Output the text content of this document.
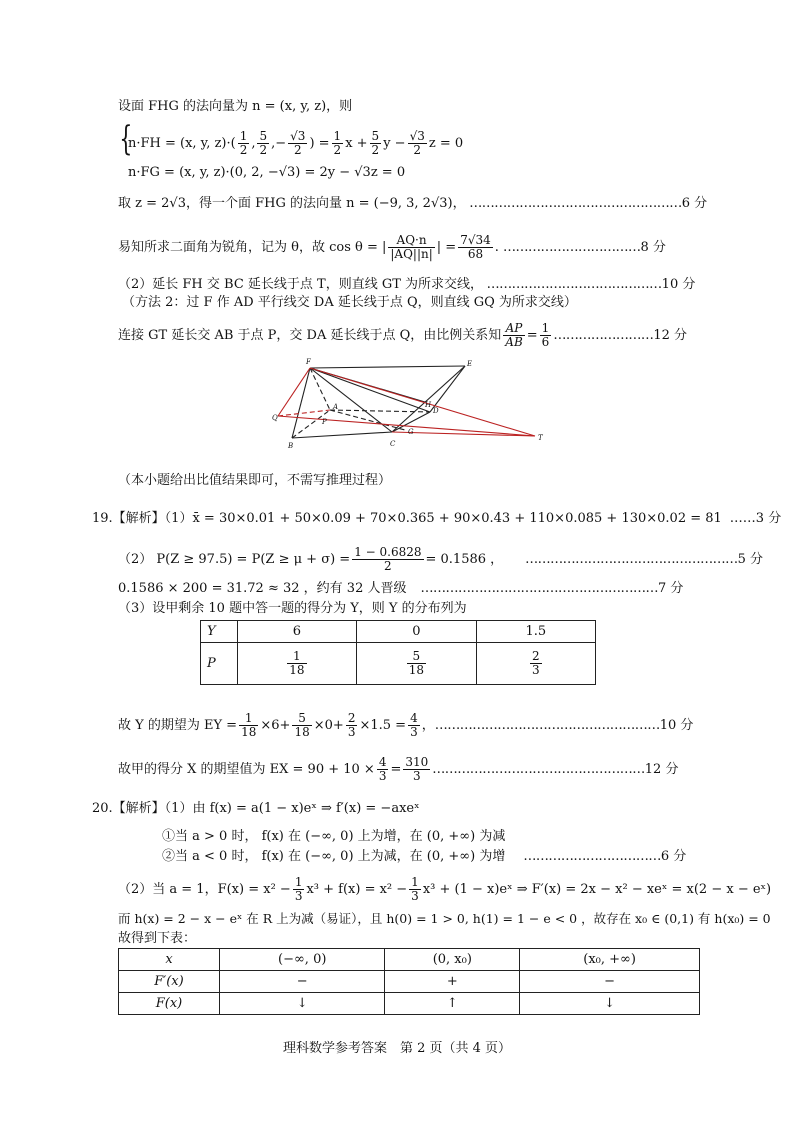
设面 FHG 的法向量为 n = (x, y, z)，则
{
n·FH = (x, y, $z)\cdot( \frac{1}{2}$ , $\frac{5}{2}$ ,− $\frac{√3}{2}$ ) = $\frac{1}{2}$ $x + \frac{5}{2}$ $y - \frac{√3}{2}$ z = 0
n·FG = (x, y, z)·(0, 2, −√3) = 2y − √3z = 0
取 z = 2√3，得一个面 FHG 的法向量 n = (−9, 3, 2√3)， ……………………………………………6 分
易知所求二面角为锐角，记为 θ，故 cos θ = | $\frac{AQ\cdot n}{|AQ||n|}$ | = $\frac{7√34}{68}$ . ……………………………8 分
（2）延长 FH 交 BC 延长线于点 T，则直线 GT 为所求交线， ……………………………………10 分
（方法 2：过 F 作 AD 平行线交 DA 延长线于点 Q，则直线 GQ 为所求交线）
连接 GT 延长交 AB 于点 P，交 DA 延长线于点 Q，由比例关系知 $\frac{AP}{AB} = \frac{1}{6}$ ……………………12 分
F	E
Q
A
P
H
D
G
B	C
T
（本小题给出比值结果即可，不需写推理过程）
19.【解析】（1）x̄ = 30×0.01 + 50×0.09 + 70×0.365 + 90×0.43 + 110×0.085 + 130×0.02 = 81 ……3 分
（2） $P(Z \ge 97.5) = P(Z \ge \mu + \sigma) = \frac{1 - 0.6828}{2} = 0.1586$ ， ……………………………………………5 分
0.1586 × 200 = 31.72 ≈ 32 ，约有 32 人晋级 …………………………………………………7 分
（3）设甲剩余 10 题中答一题的得分为 Y，则 Y 的分布列为
Y	6	0	1.5
P	$\frac{1}{18}$	$\frac{5}{18}$	$\frac{2}{3}$
故 Y 的期望为 EY = $\frac{1}{18} \times 6+ \frac{5}{18} \times 0+ \frac{2}{3} \times 1.5 = \frac{4}{3}$ ，………………………………………………10 分
故甲的得分 X 的期望值为 EX = $90 + 10 \times \frac{4}{3} = \frac{310}{3}$ ……………………………………………12 分
20.【解析】（1）由 f(x) = a(1 − x)eˣ ⇒ f′(x) = −axeˣ
①当 a > 0 时， f(x) 在 (−∞, 0) 上为增，在 (0, +∞) 为减
②当 a < 0 时， f(x) 在 (−∞, 0) 上为减，在 (0, +∞) 为增 ……………………………6 分
（2）当 a = 1，$F(x) = x^2 - \frac{1}{3} x^3 + f(x) = x^2 - \frac{1}{3} x^3 + (1$ − x)eˣ ⇒ F′(x) = 2x − x² − xeˣ = x(2 − x − eˣ)
而 h(x) = 2 − x − eˣ 在 R 上为减（易证），且 h(0) = 1 > 0, h(1) = 1 − e < 0 ，故存在 x₀ ∈ (0,1) 有 h(x₀) = 0
故得到下表：
x	(−∞, 0)	(0, x₀)	(x₀, +∞)
F′(x)	−	+	−
F(x)	↓	↑	↓
理科数学参考答案　第 2 页（共 4 页）
